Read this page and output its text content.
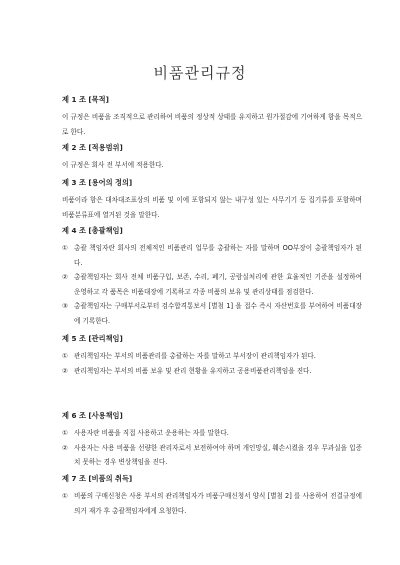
비품관리규정
제 1 조 [목적]

이 규정은 비품을 조직적으로 관리하여 비품의 정상적 상태를 유지하고 원가절감에 기여하게 함을 목적으로 한다.

제 2 조 [적용범위]

이 규정은 회사 전 부서에 적용한다.

제 3 조 [용어의 정의]

비품이라 함은 대차대조표상의 비품 및 이에 포함되지 않는 내구성 있는 사무기기 등 집기류를 포함하며 비품분류표에 열거된 것을 말한다.

제 4 조 [총괄책임]
① 총괄 책임자란 회사의 전체적인 비품관리 업무를 총괄하는 자를 말하며 OO부장이 총괄책임자가 된다.
② 총괄책임자는 회사 전체 비품구입, 보존, 수리, 폐기, 공람실처리에 관한 효율적인 기준을 설정하여 운영하고 각 품목은 비품대장에 기록하고 각종 비품의 보유 및 관리상태를 점검한다.
③ 총괄책임자는 구매부서로부터 검수합격통보서 [별첨 1] 을 접수 즉시 자산번호를 부여하여 비품대장에 기록한다.
제 5 조 [관리책임]
① 관리책임자는 부서의 비품관리를 총괄하는 자를 말하고 부서장이 관리책임자가 된다.
② 관리책임자는 부서의 비품 보유 및 관리 현황을 유지하고 공용비품관리책임을 진다.
제 6 조 [사용책임]
① 사용자란 비품을 직접 사용하고 운용하는 자를 말한다.
② 사용자는 사용 비품을 선량한 관리자로서 보전하여야 하며 개인망실, 훼손시켰을 경우 무과실을 입증치 못하는 경우 변상책임을 진다.
제 7 조 [비품의 취득]
① 비품의 구매신청은 사용 부서의 관리책임자가 비품구매신청서 양식 [별첨 2] 를 사용하여 전결규정에 의거 재가 후 총괄책임자에게 요청한다.
